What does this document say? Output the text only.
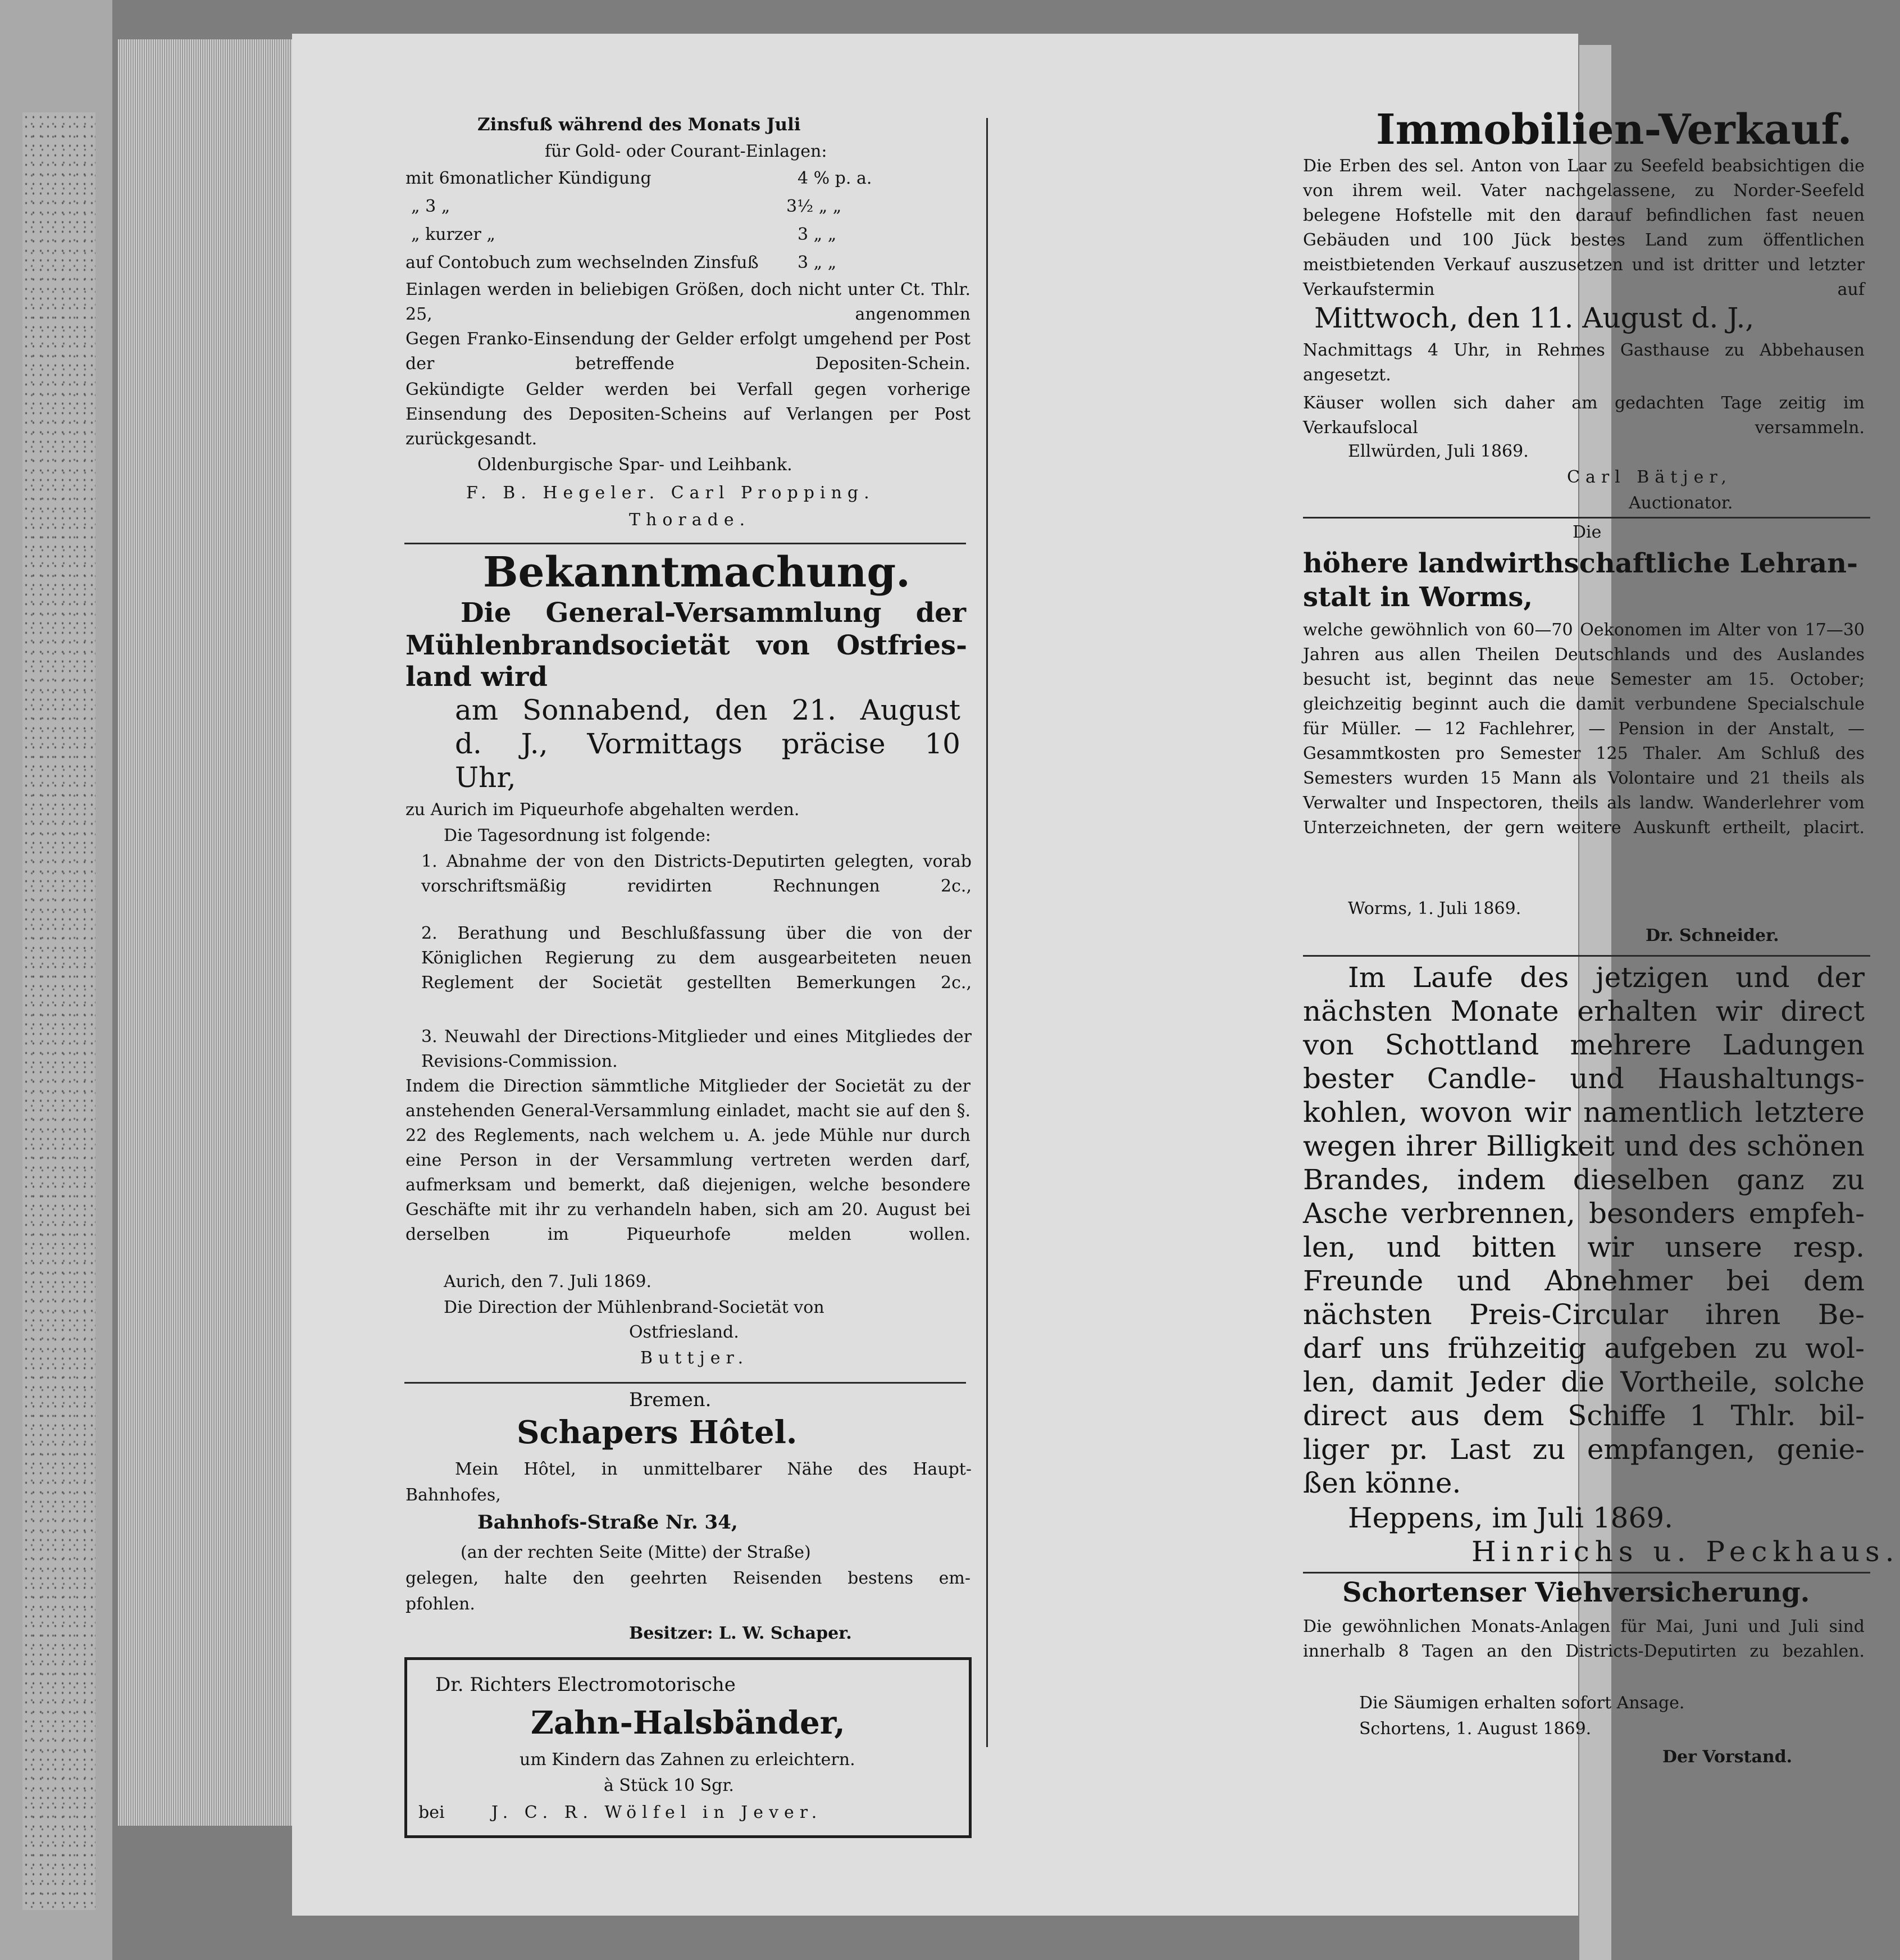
Zinsfuß während des Monats Juli

für Gold- oder Courant-Einlagen:

mit 6monatlicher Kündigung	4 % p. a.

„ 3 „	3½ „ „

„ kurzer „	3 „ „

auf Contobuch zum wechselnden Zinsfuß 3 „ „

Einlagen werden in beliebigen Größen, doch nicht unter Ct. Thlr. 25, angenommen

Gegen Franko-Einsendung der Gelder erfolgt umgehend per Post der betreffende Depositen-Schein.

Gekündigte Gelder werden bei Verfall gegen vorherige Einsendung des Depositen-Scheins auf Verlangen per Post zurückgesandt.

Oldenburgische Spar- und Leihbank.

F. B. Hegeler. Carl Propping.

Thorade.

Bekanntmachung.

Die General-Versammlung der

Mühlenbrandsocietät von Ostfries-

land wird

am Sonnabend, den 21. August

d. J., Vormittags präcise 10

Uhr,

zu Aurich im Piqueurhofe abgehalten werden.

Die Tagesordnung ist folgende:

1. Abnahme der von den Districts-Deputirten gelegten, vorab vorschriftsmäßig revidirten Rechnungen 2c.,

2. Berathung und Beschlußfassung über die von der Königlichen Regierung zu dem ausgearbeiteten neuen Reglement der Societät gestellten Bemerkungen 2c.,

3. Neuwahl der Directions-Mitglieder und eines Mitgliedes der Revisions-Commission.

Indem die Direction sämmtliche Mitglieder der Societät zu der anstehenden General-Versammlung einladet, macht sie auf den §. 22 des Reglements, nach welchem u. A. jede Mühle nur durch eine Person in der Versammlung vertreten werden darf, aufmerksam und bemerkt, daß diejenigen, welche besondere Geschäfte mit ihr zu verhandeln haben, sich am 20. August bei derselben im Piqueurhofe melden wollen.

Aurich, den 7. Juli 1869.

Die Direction der Mühlenbrand-Societät von

Ostfriesland.

Buttjer.

Bremen.

Schapers Hôtel.

Mein Hôtel, in unmittelbarer Nähe des Haupt-

Bahnhofes,

Bahnhofs-Straße Nr. 34,

(an der rechten Seite (Mitte) der Straße)

gelegen, halte den geehrten Reisenden bestens em-

pfohlen.

Besitzer: L. W. Schaper.

Dr. Richters Electromotorische

Zahn-Halsbänder,

um Kindern das Zahnen zu erleichtern.

à Stück 10 Sgr.

bei	J. C. R. Wölfel in Jever.

Immobilien-Verkauf.

Die Erben des sel. Anton von Laar zu Seefeld beabsichtigen die von ihrem weil. Vater nachgelassene, zu Norder-Seefeld belegene Hofstelle mit den darauf befindlichen fast neuen Gebäuden und 100 Jück bestes Land zum öffentlichen meistbietenden Verkauf auszusetzen und ist dritter und letzter Verkaufstermin auf

Mittwoch, den 11. August d. J.,

Nachmittags 4 Uhr, in Rehmes Gasthause zu Abbehausen angesetzt.

Käuser wollen sich daher am gedachten Tage zeitig im Verkaufslocal versammeln.

Ellwürden, Juli 1869.

Carl Bätjer,

Auctionator.

Die

höhere landwirthschaftliche Lehran-

stalt in Worms,

welche gewöhnlich von 60—70 Oekonomen im Alter von 17—30 Jahren aus allen Theilen Deutschlands und des Auslandes besucht ist, beginnt das neue Semester am 15. October; gleichzeitig beginnt auch die damit verbundene Specialschule für Müller. — 12 Fachlehrer, — Pension in der Anstalt, — Gesammtkosten pro Semester 125 Thaler. Am Schluß des Semesters wurden 15 Mann als Volontaire und 21 theils als Verwalter und Inspectoren, theils als landw. Wanderlehrer vom Unterzeichneten, der gern weitere Auskunft ertheilt, placirt.

Worms, 1. Juli 1869.

Dr. Schneider.

Im Laufe des jetzigen und der

nächsten Monate erhalten wir direct

von Schottland mehrere Ladungen

bester Candle- und Haushaltungs-

kohlen, wovon wir namentlich letztere

wegen ihrer Billigkeit und des schönen

Brandes, indem dieselben ganz zu

Asche verbrennen, besonders empfeh-

len, und bitten wir unsere resp.

Freunde und Abnehmer bei dem

nächsten Preis-Circular ihren Be-

darf uns frühzeitig aufgeben zu wol-

len, damit Jeder die Vortheile, solche

direct aus dem Schiffe 1 Thlr. bil-

liger pr. Last zu empfangen, genie-

ßen könne.

Heppens, im Juli 1869.

Hinrichs u. Peckhaus.

Schortenser Viehversicherung.

Die gewöhnlichen Monats-Anlagen für Mai, Juni und Juli sind innerhalb 8 Tagen an den Districts-Deputirten zu bezahlen.

Die Säumigen erhalten sofort Ansage.

Schortens, 1. August 1869.

Der Vorstand.
